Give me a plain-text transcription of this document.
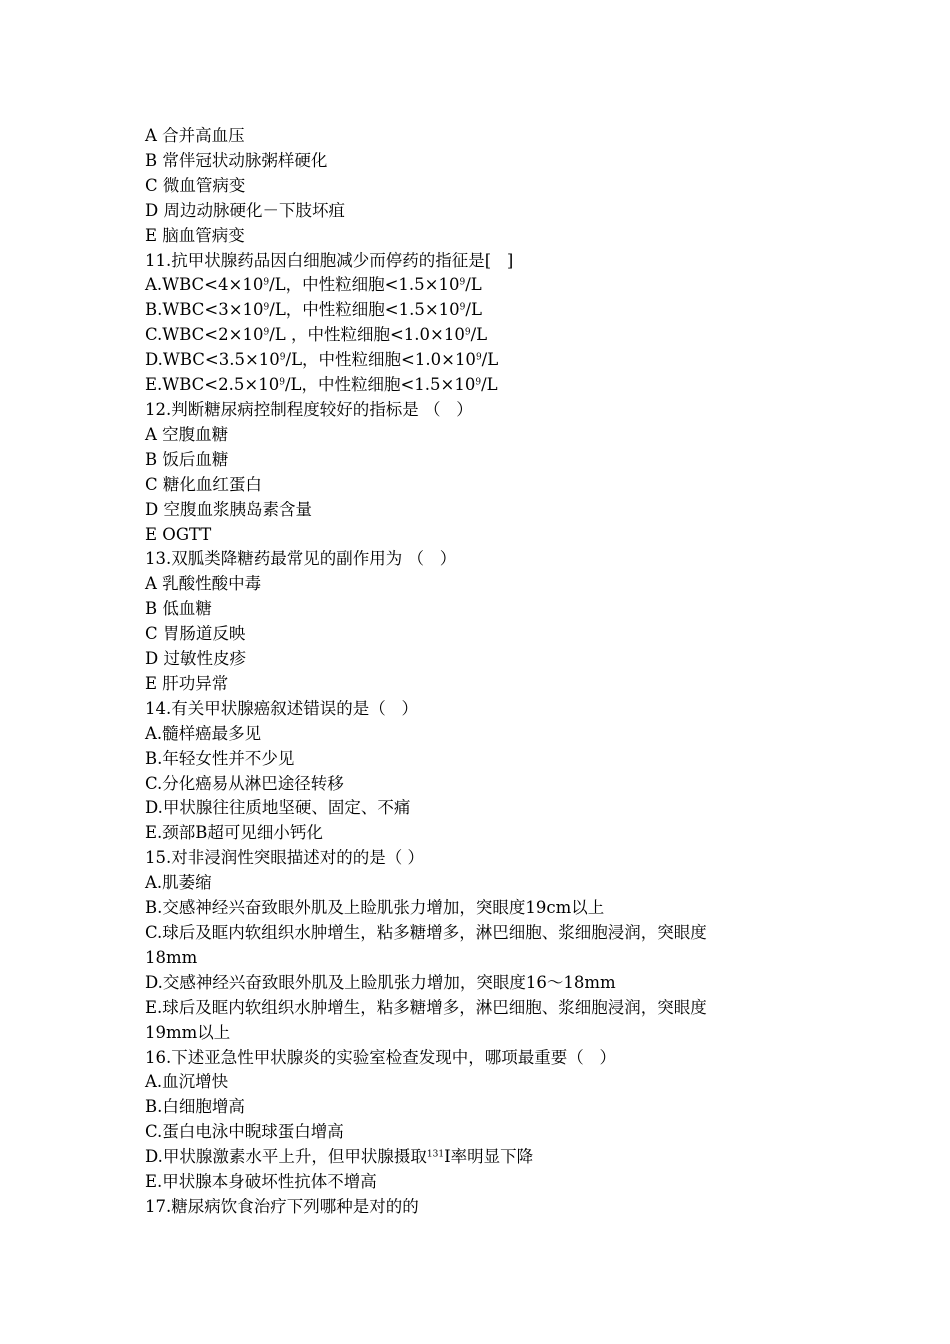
A 合并高血压
B 常伴冠状动脉粥样硬化
C 微血管病变
D 周边动脉硬化－下肢坏疽
E 脑血管病变
11.抗甲状腺药品因白细胞减少而停药的指征是[   ]
$A.WBC<4\times 10^9/L$，中性粒细胞$<1.5\times 10^9/L$
$B.WBC<3\times 10^9/L$，中性粒细胞$<1.5\times 10^9/L$
$C.WBC<2\times 10^9/L$ ，中性粒细胞$<1.0\times 10^9/L$
$D.WBC<3.5\times 10^9/L$，中性粒细胞$<1.0\times 10^9/L$
$E.WBC<2.5\times 10^9/L$，中性粒细胞$<1.5\times 10^9/L$
12.判断糖尿病控制程度较好的指标是 （   ）
A 空腹血糖
B 饭后血糖
C 糖化血红蛋白
D 空腹血浆胰岛素含量
E OGTT
13.双胍类降糖药最常见的副作用为 （   ）
A 乳酸性酸中毒
B 低血糖
C 胃肠道反映
D 过敏性皮疹
E 肝功异常
14.有关甲状腺癌叙述错误的是（   ）
A.髓样癌最多见
B.年轻女性并不少见
C.分化癌易从淋巴途径转移
D.甲状腺往往质地坚硬、固定、不痛
E.颈部B超可见细小钙化
15.对非浸润性突眼描述对的的是（ ）
A.肌萎缩
B.交感神经兴奋致眼外肌及上睑肌张力增加，突眼度19cm以上
C.球后及眶内软组织水肿增生，粘多糖增多，淋巴细胞、浆细胞浸润，突眼度
18mm
D.交感神经兴奋致眼外肌及上睑肌张力增加，突眼度16～18mm
E.球后及眶内软组织水肿增生，粘多糖增多，淋巴细胞、浆细胞浸润，突眼度
19mm以上
16.下述亚急性甲状腺炎的实验室检查发现中，哪项最重要（   ）
A.血沉增快
B.白细胞增高
C.蛋白电泳中睨球蛋白增高
D.甲状腺激素水平上升，但甲状腺摄取$^{131}$I率明显下降
E.甲状腺本身破坏性抗体不增高
17.糖尿病饮食治疗下列哪种是对的的
